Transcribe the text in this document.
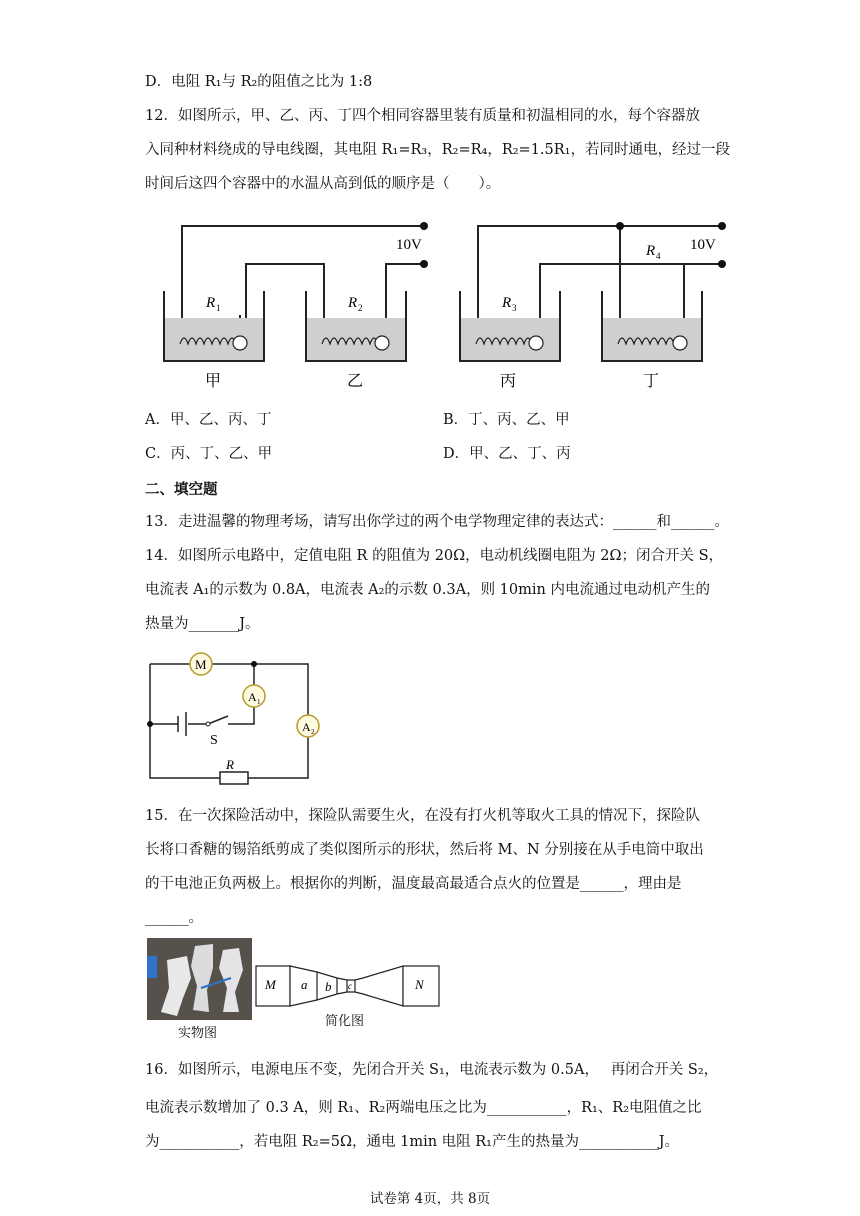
D．电阻 R₁与 R₂的阻值之比为 1:8
12．如图所示，甲、乙、丙、丁四个相同容器里装有质量和初温相同的水，每个容器放
入同种材料绕成的导电线圈，其电阻 R₁=R₃，R₂=R₄，R₂=1.5R₁，若同时通电，经过一段
时间后这四个容器中的水温从高到低的顺序是（　　）。
10V	10V
R 1	R 2	R 3
R 4
甲	乙	丙	丁
A．甲、乙、丙、丁	B．丁、丙、乙、甲
C．丙、丁、乙、甲	D．甲、乙、丁、丙
二、填空题
13．走进温馨的物理考场，请写出你学过的两个电学物理定律的表达式：______和______。
14．如图所示电路中，定值电阻 R 的阻值为 20Ω，电动机线圈电阻为 2Ω；闭合开关 S，
电流表 A₁的示数为 0.8A，电流表 A₂的示数 0.3A，则 10min 内电流通过电动机产生的
热量为_______J。
M
A 1
A 2
S
R
15．在一次探险活动中，探险队需要生火，在没有打火机等取火工具的情况下，探险队
长将口香糖的锡箔纸剪成了类似图所示的形状，然后将 M、N 分别接在从手电筒中取出
的干电池正负两极上。根据你的判断，温度最高最适合点火的位置是______，理由是
______。
实物图
M a b c	N
简化图
16．如图所示，电源电压不变，先闭合开关 S₁，电流表示数为 0.5A，　 再闭合开关 S₂，
电流表示数增加了 0.3 A，则 R₁、R₂两端电压之比为___________，R₁、R₂电阻值之比
为___________，若电阻 R₂=5Ω，通电 1min 电阻 R₁产生的热量为___________J。
试卷第 4页，共 8页
